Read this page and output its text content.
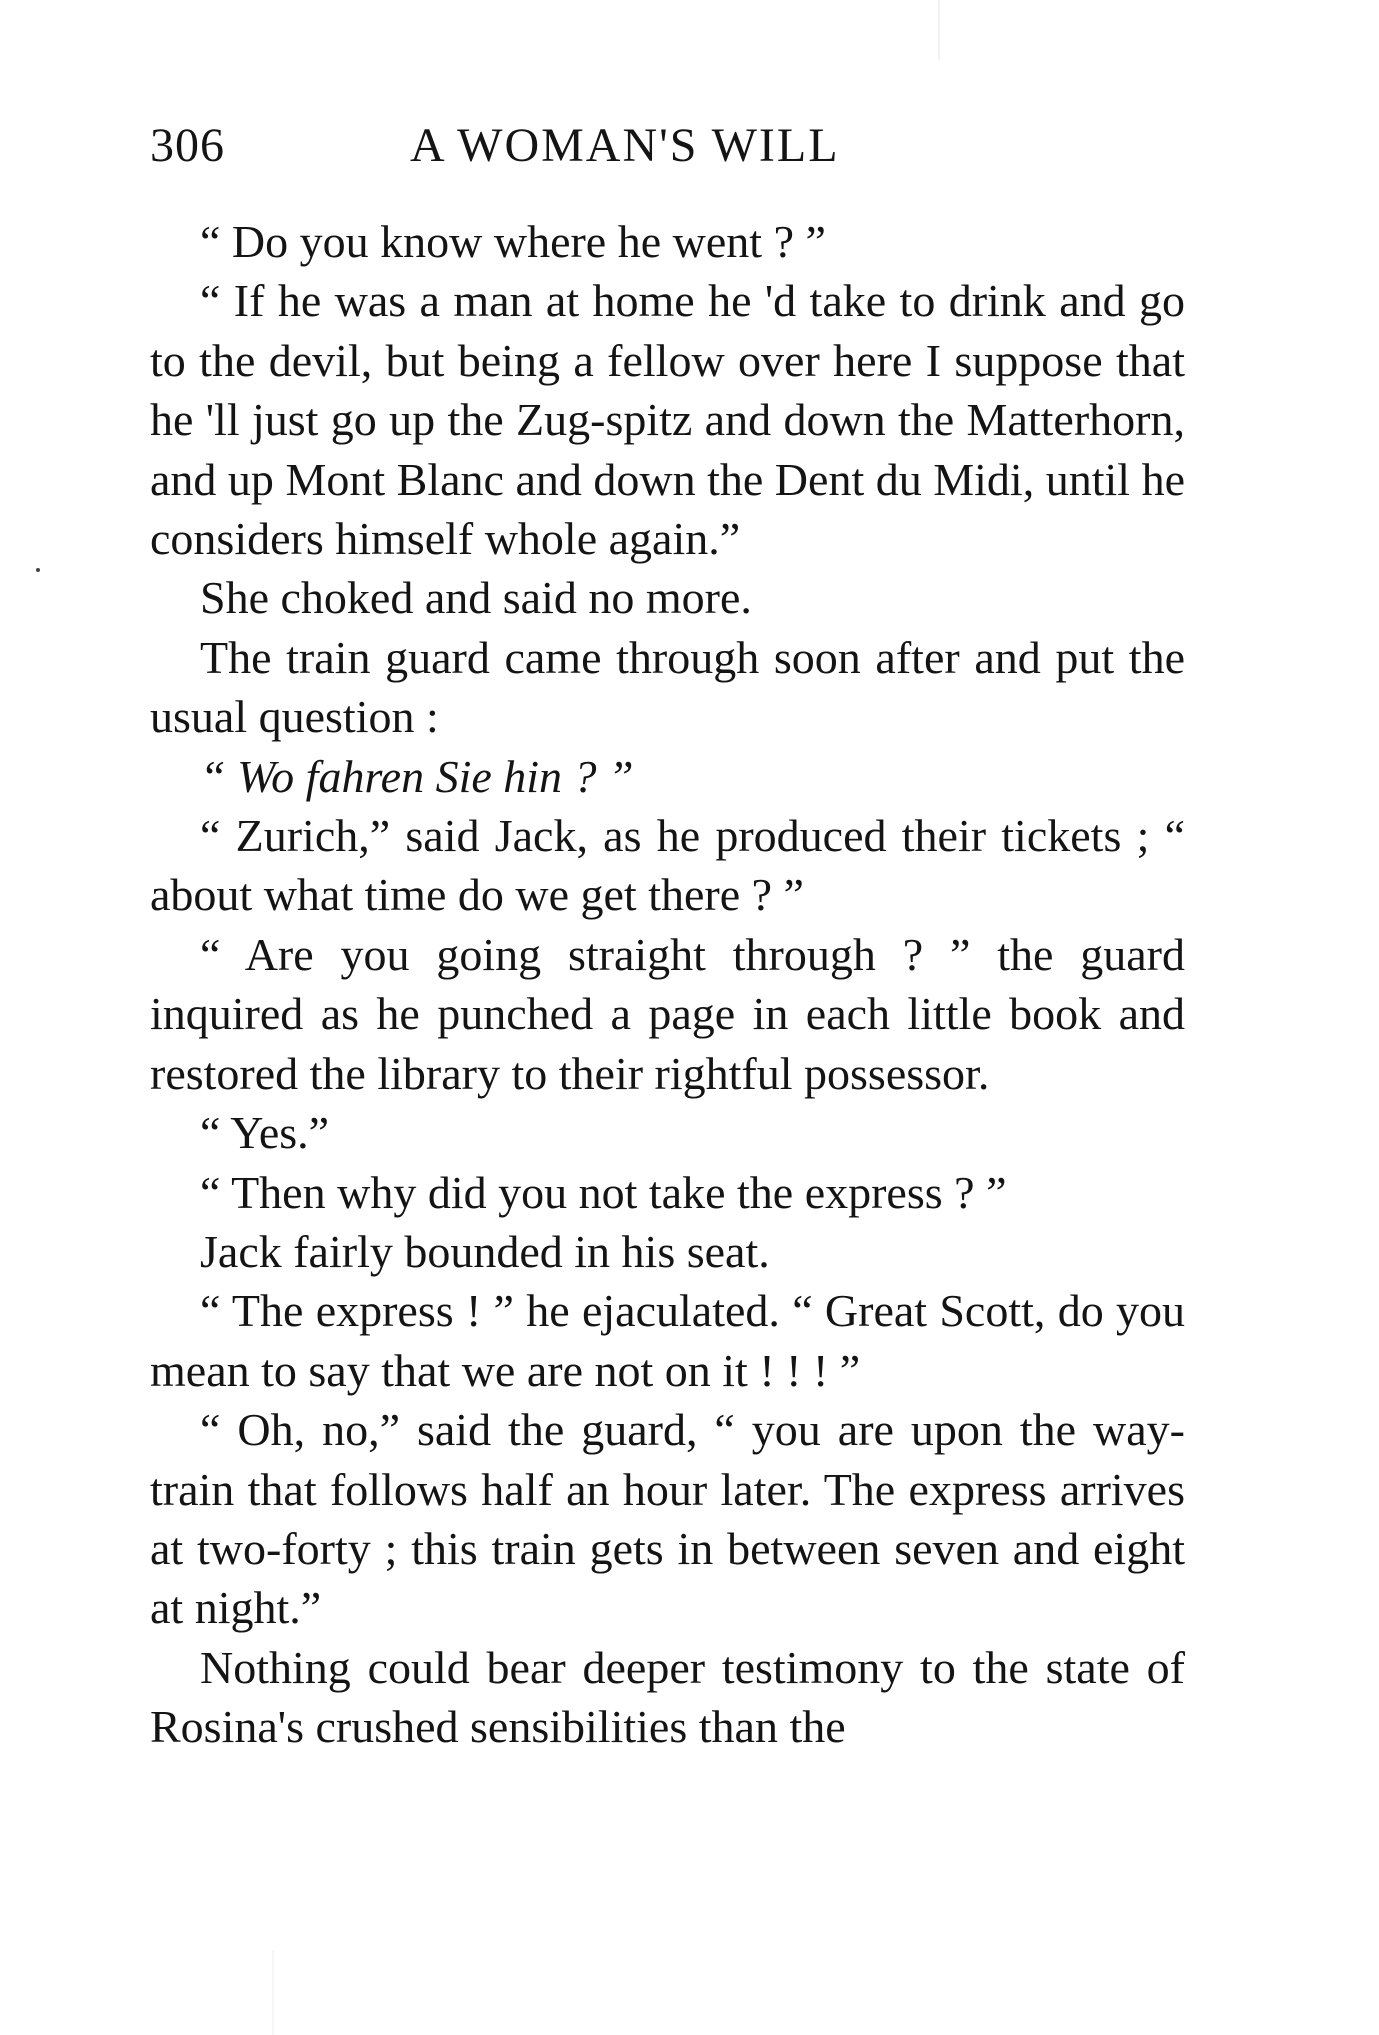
306	A WOMAN'S WILL

“ Do you know where he went ? ”

“ If he was a man at home he 'd take to drink and go to the devil, but being a fellow over here I suppose that he 'll just go up the Zug-spitz and down the Matterhorn, and up Mont Blanc and down the Dent du Midi, until he considers himself whole again.”

She choked and said no more.

The train guard came through soon after and put the usual question :

“ Wo fahren Sie hin ? ”

“ Zurich,” said Jack, as he produced their tickets ; “ about what time do we get there ? ”

“ Are you going straight through ? ” the guard inquired as he punched a page in each little book and restored the library to their rightful possessor.

“ Yes.”

“ Then why did you not take the express ? ”

Jack fairly bounded in his seat.

“ The express ! ” he ejaculated. “ Great Scott, do you mean to say that we are not on it ! ! ! ”

“ Oh, no,” said the guard, “ you are upon the way-train that follows half an hour later. The express arrives at two-forty ; this train gets in between seven and eight at night.”

Nothing could bear deeper testimony to the state of Rosina's crushed sensibilities than the
